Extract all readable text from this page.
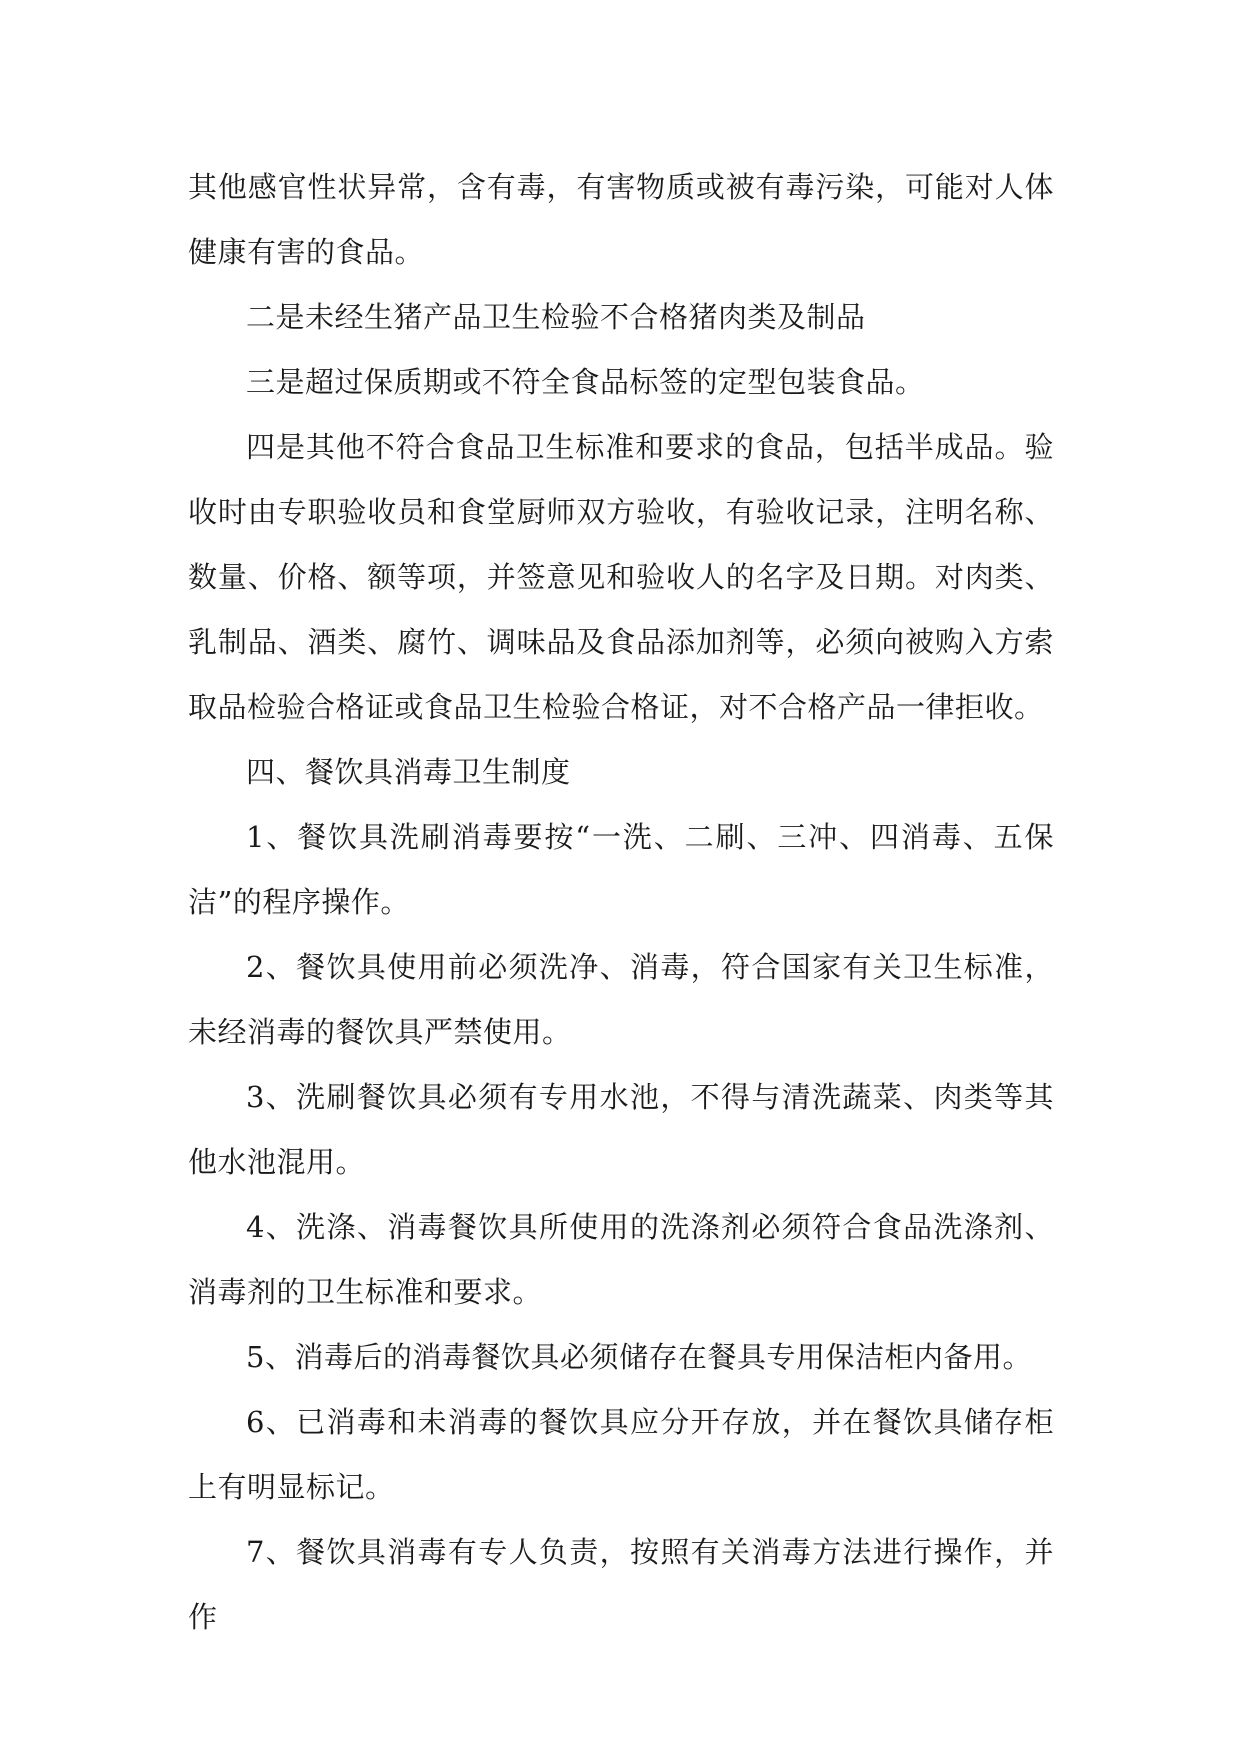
其他感官性状异常，含有毒，有害物质或被有毒污染，可能对人体健康有害的食品。

二是未经生猪产品卫生检验不合格猪肉类及制品

三是超过保质期或不符全食品标签的定型包装食品。

四是其他不符合食品卫生标准和要求的食品，包括半成品。验收时由专职验收员和食堂厨师双方验收，有验收记录，注明名称、数量、价格、额等项，并签意见和验收人的名字及日期。对肉类、乳制品、酒类、腐竹、调味品及食品添加剂等，必须向被购入方索取品检验合格证或食品卫生检验合格证，对不合格产品一律拒收。

四、餐饮具消毒卫生制度

1、餐饮具洗刷消毒要按“一洗、二刷、三冲、四消毒、五保洁”的程序操作。

2、餐饮具使用前必须洗净、消毒，符合国家有关卫生标准，未经消毒的餐饮具严禁使用。

3、洗刷餐饮具必须有专用水池，不得与清洗蔬菜、肉类等其他水池混用。

4、洗涤、消毒餐饮具所使用的洗涤剂必须符合食品洗涤剂、消毒剂的卫生标准和要求。

5、消毒后的消毒餐饮具必须储存在餐具专用保洁柜内备用。

6、已消毒和未消毒的餐饮具应分开存放，并在餐饮具储存柜上有明显标记。

7、餐饮具消毒有专人负责，按照有关消毒方法进行操作，并作
